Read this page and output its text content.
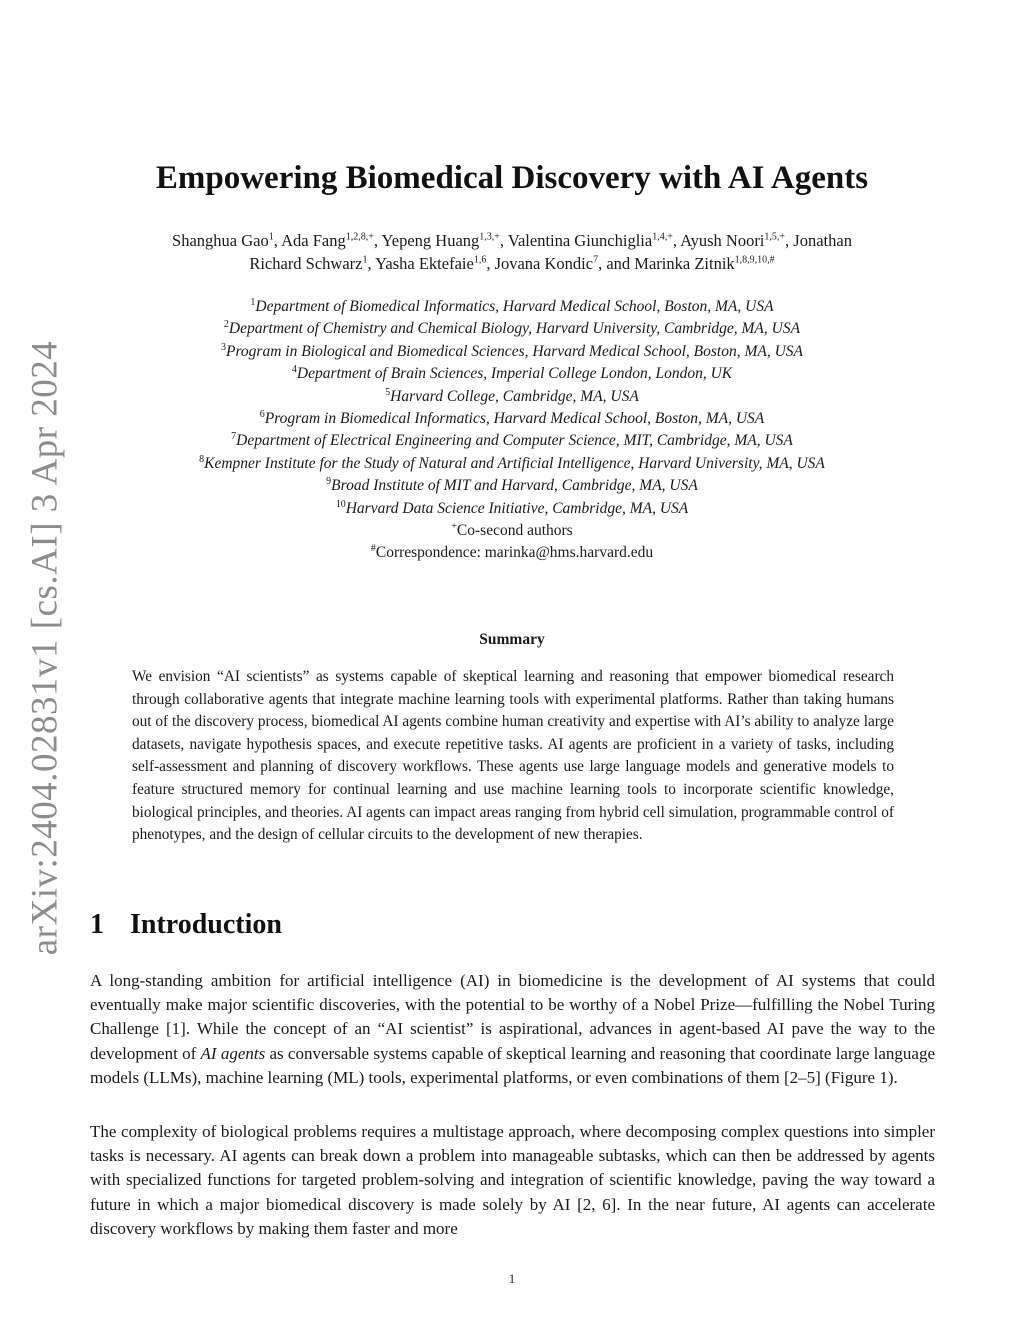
arXiv:2404.02831v1 [cs.AI] 3 Apr 2024
Empowering Biomedical Discovery with AI Agents
Shanghua Gao$^1$, Ada Fang$^{1,2,8,+}$, Yepeng Huang$^{1,3,+}$, Valentina Giunchiglia$^{1,4,+}$, Ayush Noori$^{1,5,+}$, Jonathan
Richard Schwarz$^1$, Yasha Ektefaie$^{1,6}$, Jovana Kondic$^7$, and Marinka Zitnik$^{1,8,9,10,\#}$
$^1$Department of Biomedical Informatics, Harvard Medical School, Boston, MA, USA
$^2$Department of Chemistry and Chemical Biology, Harvard University, Cambridge, MA, USA
$^3$Program in Biological and Biomedical Sciences, Harvard Medical School, Boston, MA, USA
$^4$Department of Brain Sciences, Imperial College London, London, UK
$^5$Harvard College, Cambridge, MA, USA
$^6$Program in Biomedical Informatics, Harvard Medical School, Boston, MA, USA
$^7$Department of Electrical Engineering and Computer Science, MIT, Cambridge, MA, USA
$^8$Kempner Institute for the Study of Natural and Artificial Intelligence, Harvard University, MA, USA
$^9$Broad Institute of MIT and Harvard, Cambridge, MA, USA
$^{10}$Harvard Data Science Initiative, Cambridge, MA, USA
+Co-second authors
#Correspondence: marinka@hms.harvard.edu
Summary
We envision “AI scientists” as systems capable of skeptical learning and reasoning that empower biomedical research through collaborative agents that integrate machine learning tools with experimental platforms. Rather than taking humans out of the discovery process, biomedical AI agents combine human creativity and expertise with AI’s ability to analyze large datasets, navigate hypothesis spaces, and execute repetitive tasks. AI agents are proficient in a variety of tasks, including self-assessment and planning of discovery workflows. These agents use large language models and generative models to feature structured memory for continual learning and use machine learning tools to incorporate scientific knowledge, biological principles, and theories. AI agents can impact areas ranging from hybrid cell simulation, programmable control of phenotypes, and the design of cellular circuits to the development of new therapies.
1 Introduction

A long-standing ambition for artificial intelligence (AI) in biomedicine is the development of AI systems that could eventually make major scientific discoveries, with the potential to be worthy of a Nobel Prize—fulfilling the Nobel Turing Challenge [1]. While the concept of an “AI scientist” is aspirational, advances in agent-based AI pave the way to the development of AI agents as conversable systems capable of skeptical learning and reasoning that coordinate large language models (LLMs), machine learning (ML) tools, experimental platforms, or even combinations of them [2–5] (Figure 1).

The complexity of biological problems requires a multistage approach, where decomposing complex questions into simpler tasks is necessary. AI agents can break down a problem into manageable subtasks, which can then be addressed by agents with specialized functions for targeted problem-solving and integration of scientific knowledge, paving the way toward a future in which a major biomedical discovery is made solely by AI [2, 6]. In the near future, AI agents can accelerate discovery workflows by making them faster and more

1
